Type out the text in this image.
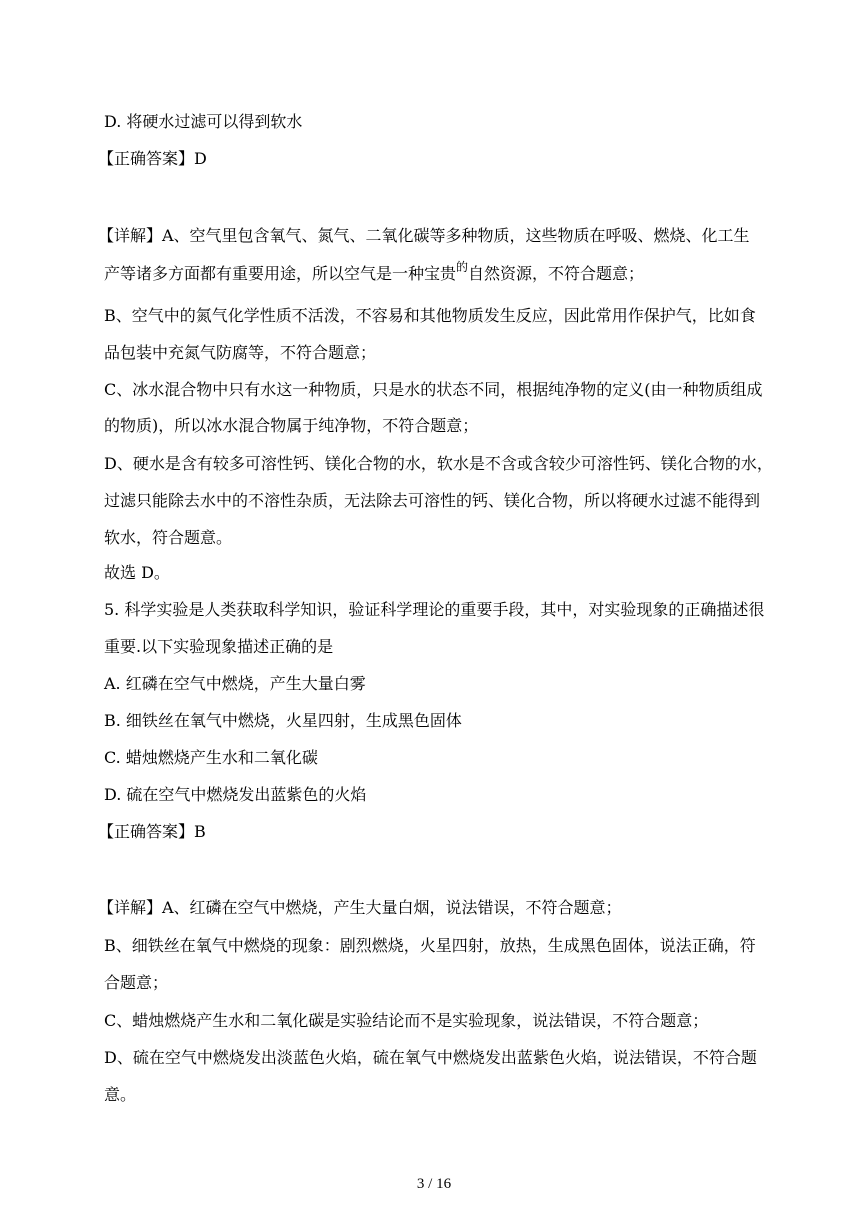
D. 将硬水过滤可以得到软水
【正确答案】D
【详解】A、空气里包含氧气、氮气、二氧化碳等多种物质，这些物质在呼吸、燃烧、化工生
产等诸多方面都有重要用途，所以空气是一种宝贵$^的$自然资源，不符合题意；
B、空气中的氮气化学性质不活泼，不容易和其他物质发生反应，因此常用作保护气，比如食
品包装中充氮气防腐等，不符合题意；
C、冰水混合物中只有水这一种物质，只是水的状态不同，根据纯净物的定义(由一种物质组成
的物质)，所以冰水混合物属于纯净物，不符合题意；
D、硬水是含有较多可溶性钙、镁化合物的水，软水是不含或含较少可溶性钙、镁化合物的水，
过滤只能除去水中的不溶性杂质，无法除去可溶性的钙、镁化合物，所以将硬水过滤不能得到
软水，符合题意。
故选 D。
5. 科学实验是人类获取科学知识，验证科学理论的重要手段，其中，对实验现象的正确描述很
重要.以下实验现象描述正确的是
A. 红磷在空气中燃烧，产生大量白雾
B. 细铁丝在氧气中燃烧，火星四射，生成黑色固体
C. 蜡烛燃烧产生水和二氧化碳
D. 硫在空气中燃烧发出蓝紫色的火焰
【正确答案】B
【详解】A、红磷在空气中燃烧，产生大量白烟，说法错误，不符合题意；
B、细铁丝在氧气中燃烧的现象：剧烈燃烧，火星四射，放热，生成黑色固体，说法正确，符
合题意；
C、蜡烛燃烧产生水和二氧化碳是实验结论而不是实验现象，说法错误，不符合题意；
D、硫在空气中燃烧发出淡蓝色火焰，硫在氧气中燃烧发出蓝紫色火焰，说法错误，不符合题
意。
3 / 16
